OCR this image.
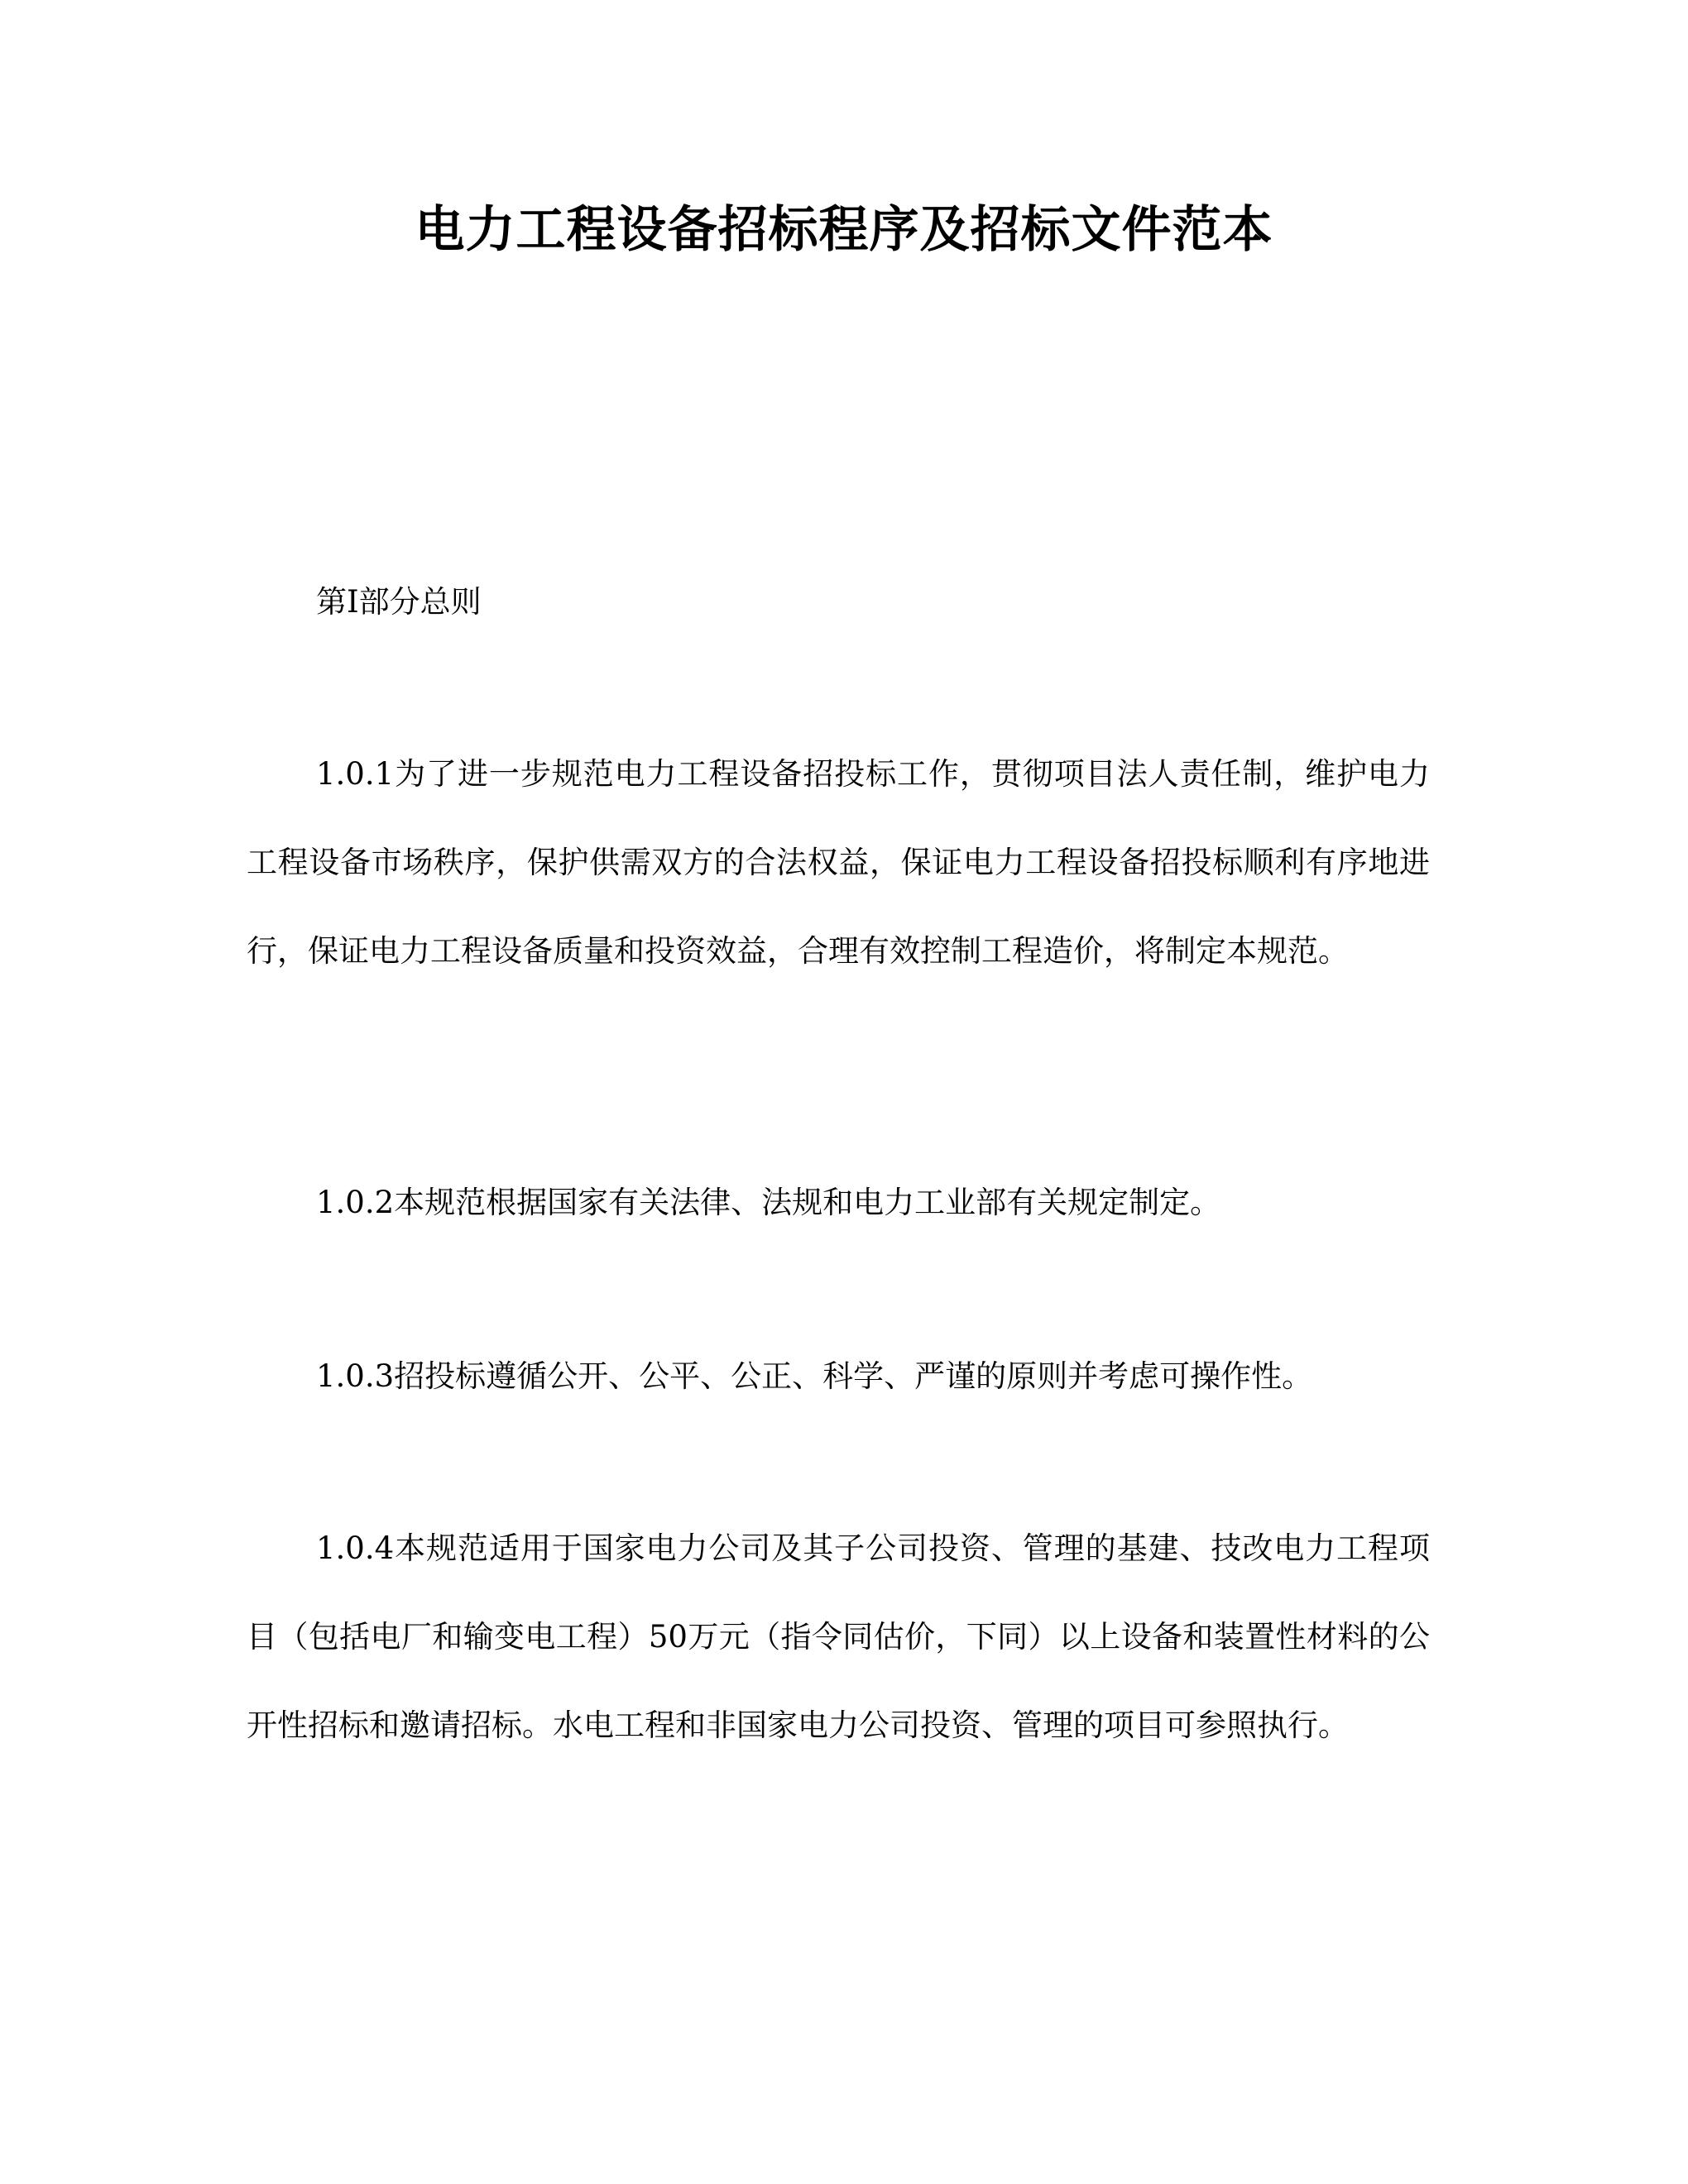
电力工程设备招标程序及招标文件范本
第I部分总则

1.0.1为了进一步规范电力工程设备招投标工作，贯彻项目法人责任制，维护电力工程设备市场秩序，保护供需双方的合法权益，保证电力工程设备招投标顺利有序地进行，保证电力工程设备质量和投资效益，合理有效控制工程造价，将制定本规范。

1.0.2本规范根据国家有关法律、法规和电力工业部有关规定制定。

1.0.3招投标遵循公开、公平、公正、科学、严谨的原则并考虑可操作性。

1.0.4本规范适用于国家电力公司及其子公司投资、管理的基建、技改电力工程项目（包括电厂和输变电工程）50万元（指令同估价，下同）以上设备和装置性材料的公开性招标和邀请招标。水电工程和非国家电力公司投资、管理的项目可参照执行。
